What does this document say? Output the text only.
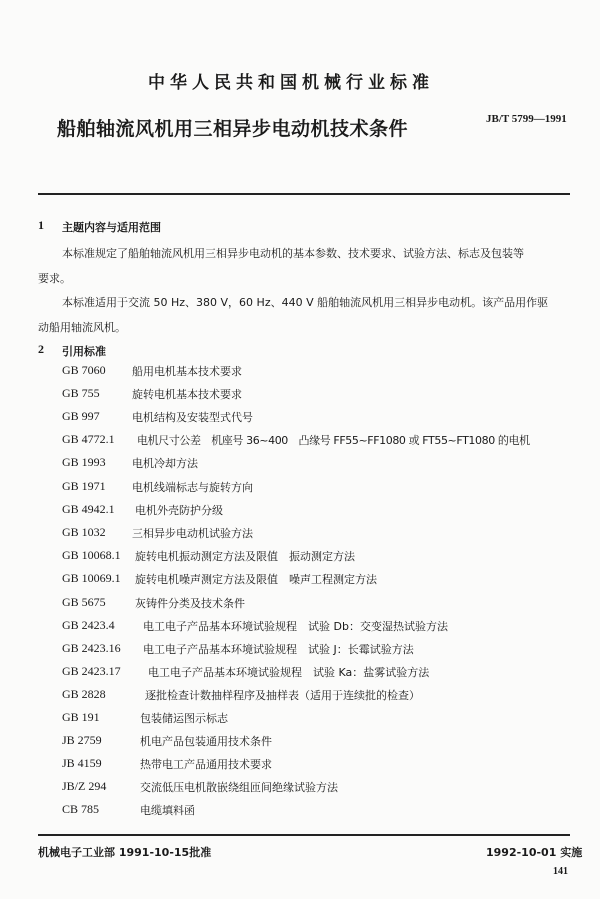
中华人民共和国机械行业标准
船舶轴流风机用三相异步电动机技术条件	JB/T 5799—1991
1 主题内容与适用范围
本标准规定了船舶轴流风机用三相异步电动机的基本参数、技术要求、试验方法、标志及包装等
要求。
本标准适用于交流 50 Hz、380 V，60 Hz、440 V 船舶轴流风机用三相异步电动机。该产品用作驱
动船用轴流风机。
2 引用标准
GB 7060 船用电机基本技术要求
GB 755	旋转电机基本技术要求
GB 997	电机结构及安装型式代号
GB 4772.1 电机尺寸公差　机座号 36~400　凸缘号 FF55~FF1080 或 FT55~FT1080 的电机
GB 1993 电机冷却方法
GB 1971 电机线端标志与旋转方向
GB 4942.1 电机外壳防护分级
GB 1032 三相异步电动机试验方法
GB 10068.1 旋转电机振动测定方法及限值　振动测定方法
GB 10069.1 旋转电机噪声测定方法及限值　噪声工程测定方法
GB 5675	灰铸件分类及技术条件
GB 2423.4	电工电子产品基本环境试验规程　试验 Db：交变湿热试验方法
GB 2423.16 电工电子产品基本环境试验规程　试验 J：长霉试验方法
GB 2423.17 电工电子产品基本环境试验规程　试验 Ka：盐雾试验方法
GB 2828	逐批检查计数抽样程序及抽样表（适用于连续批的检查）
GB 191	包装储运图示标志
JB 2759	机电产品包装通用技术条件
JB 4159	热带电工产品通用技术要求
JB/Z 294	交流低压电机散嵌绕组匝间绝缘试验方法
CB 785	电缆填料函
机械电子工业部 1991-10-15批准	1992-10-01 实施
141
